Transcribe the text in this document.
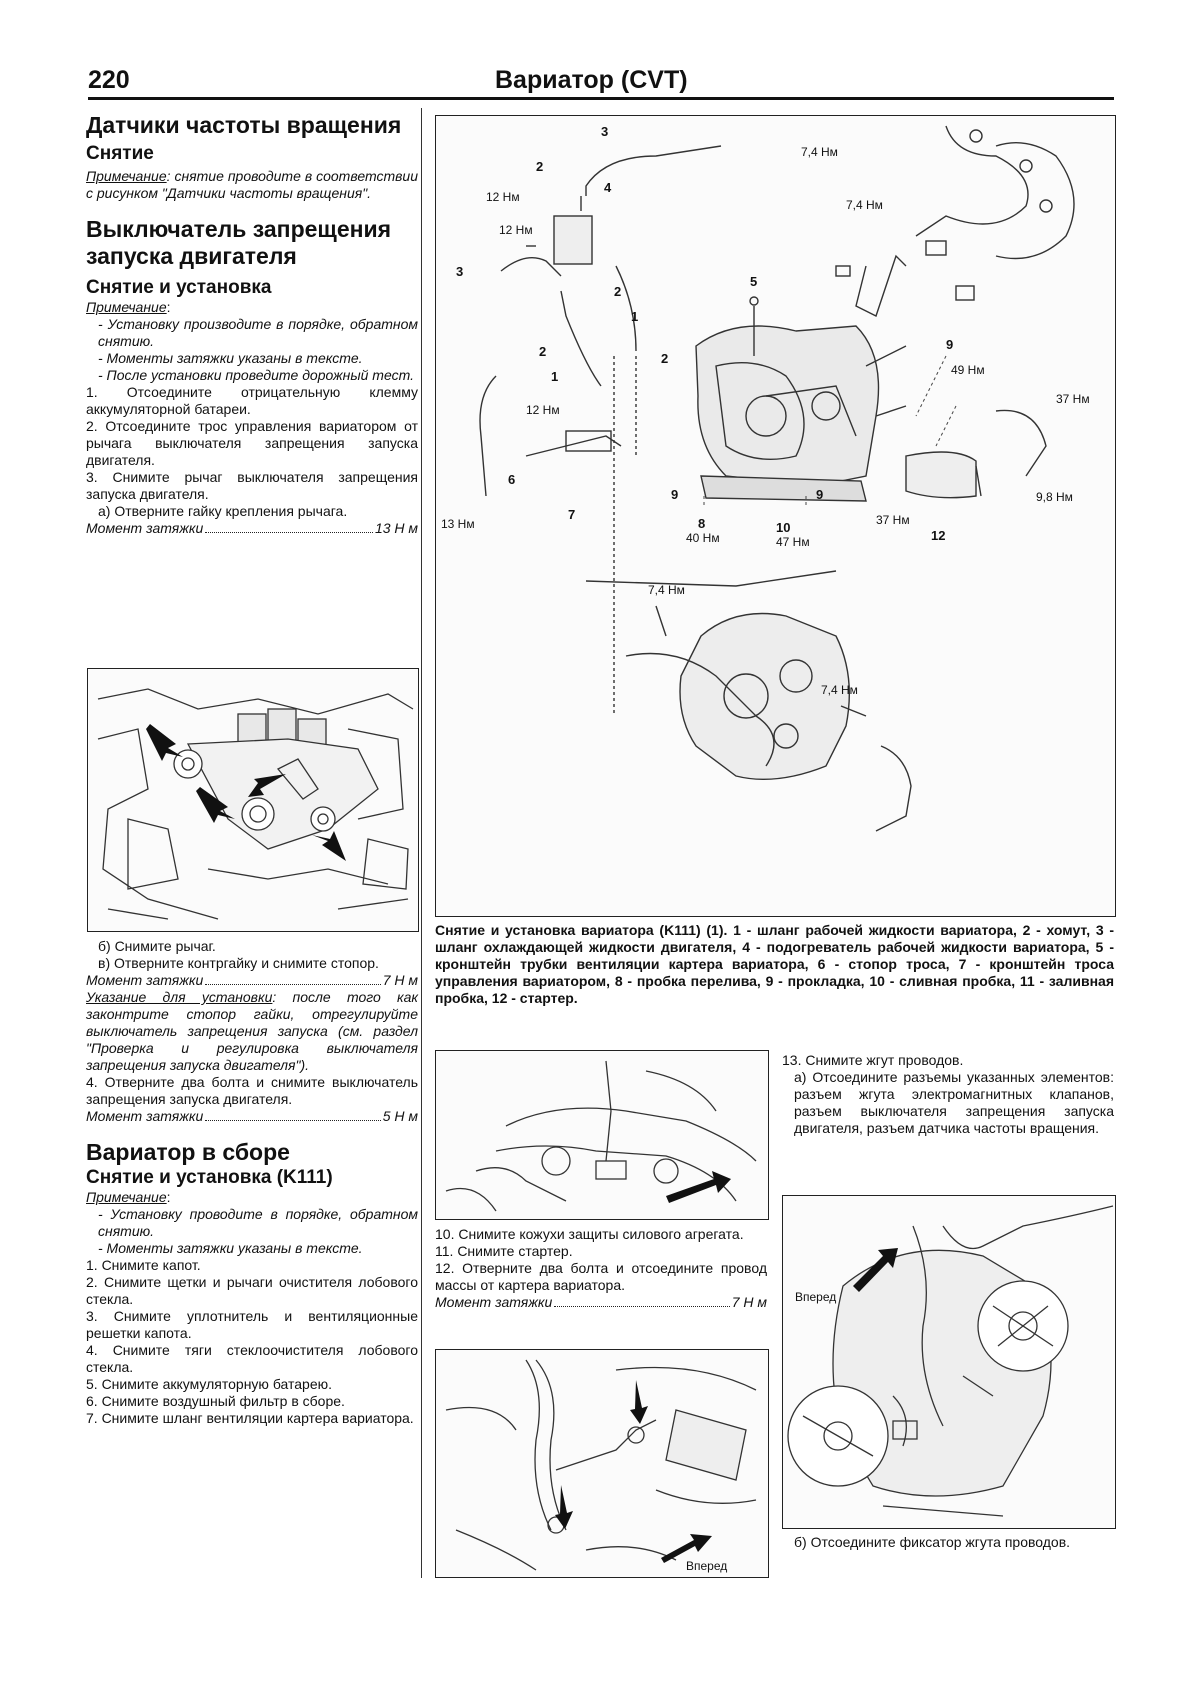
220	Вариатор (CVT)
Датчики частоты вращения
Снятие

Примечание: снятие проводите в соответствии с рисунком "Датчики частоты вращения".

Выключатель запрещения запуска двигателя
Снятие и установка

Примечание:

- Установку производите в порядке, обратном снятию.

- Моменты затяжки указаны в тексте.

- После установки проведите дорожный тест.

1. Отсоедините отрицательную клемму аккумуляторной батареи.

2. Отсоедините трос управления вариатором от рычага выключателя запрещения запуска двигателя.

3. Снимите рычаг выключателя запрещения запуска двигателя.

а) Отверните гайку крепления рычага.

Момент затяжки	13 Н м

б) Снимите рычаг.

в) Отверните контргайку и снимите стопор.

Момент затяжки	7 Н м

Указание для установки: после того как законтрите стопор гайки, отрегулируйте выключатель запрещения запуска (см. раздел "Проверка и регулировка выключателя запрещения запуска двигателя").

4. Отверните два болта и снимите выключатель запрещения запуска двигателя.

Момент затяжки	5 Н м
Вариатор в сборе
Снятие и установка (K111)

Примечание:

- Установку проводите в порядке, обратном снятию.

- Моменты затяжки указаны в тексте.

1. Снимите капот.

2. Снимите щетки и рычаги очистителя лобового стекла.

3. Снимите уплотнитель и вентиляционные решетки капота.

4. Снимите тяги стеклоочистителя лобового стекла.

5. Снимите аккумуляторную батарею.

6. Снимите воздушный фильтр в сборе.

7. Снимите шланг вентиляции картера вариатора.

7,4 Нм
7,4 Нм
12 Нм
12 Нм
49 Нм
37 Нм
12 Нм
13 Нм
40 Нм	47 Нм
37 Нм
9,8 Нм
7,4 Нм
7,4 Нм
1
1
2
2
2
2
3
3
4
5
6
7
8
9	9
9
10
12
Снятие и установка вариатора (K111) (1). 1 - шланг рабочей жидкости вариатора, 2 - хомут, 3 - шланг охлаждающей жидкости двигателя, 4 - подогреватель рабочей жидкости вариатора, 5 - кронштейн трубки вентиляции картера вариатора, 6 - стопор троса, 7 - кронштейн троса управления вариатором, 8 - пробка перелива, 9 - прокладка, 10 - сливная пробка, 11 - заливная пробка, 12 - стартер.

10. Снимите кожухи защиты силового агрегата.

11. Снимите стартер.

12. Отверните два болта и отсоедините провод массы от картера вариатора.

Момент затяжки	7 Н м
Вперед

13. Снимите жгут проводов.

а) Отсоедините разъемы указанных элементов: разъем жгута электромагнитных клапанов, разъем выключателя запрещения запуска двигателя, разъем датчика частоты вращения.

Вперед

б) Отсоедините фиксатор жгута проводов.
